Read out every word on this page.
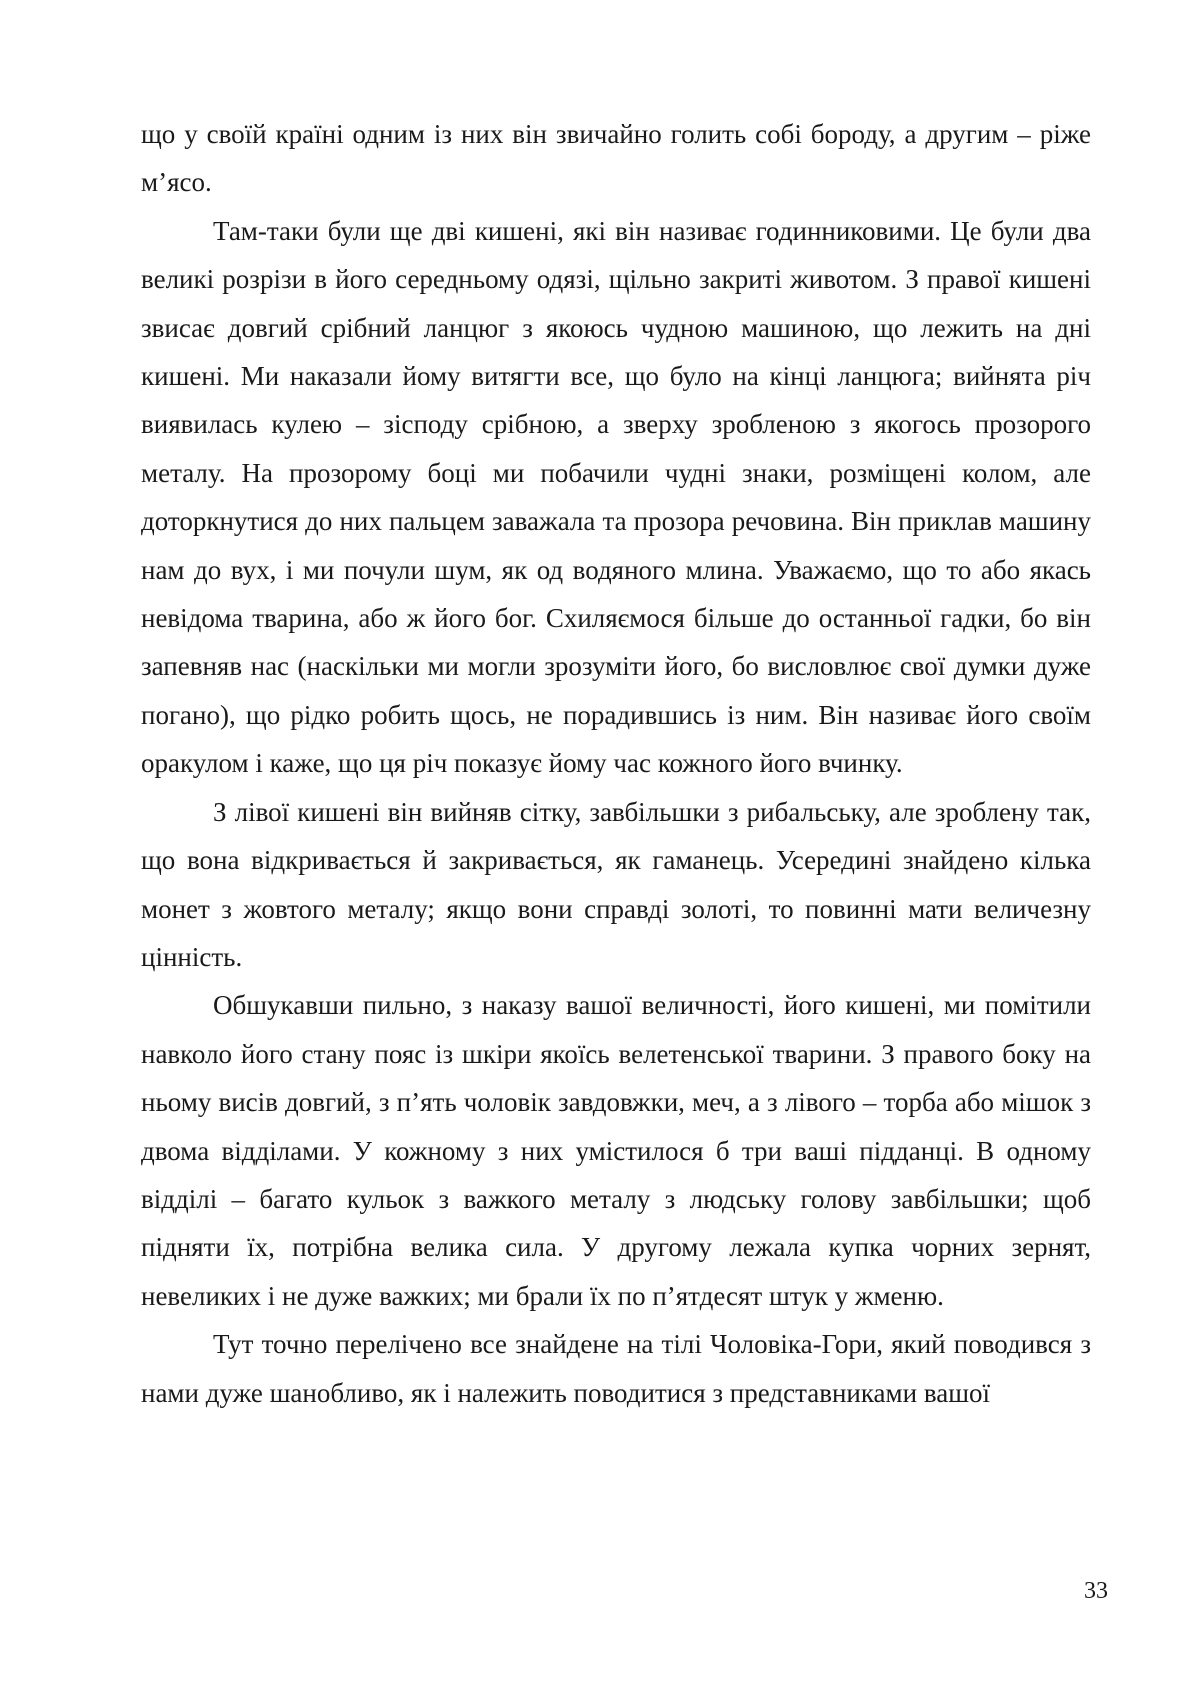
що у своїй країні одним із них він звичайно голить собі бороду, а другим – ріже м’ясо.

Там-таки були ще дві кишені, які він називає годинниковими. Це були два великі розрізи в його середньому одязі, щільно закриті животом. З правої кишені звисає довгий срібний ланцюг з якоюсь чудною машиною, що лежить на дні кишені. Ми наказали йому витягти все, що було на кінці ланцюга; вийнята річ виявилась кулею – зісподу срібною, а зверху зробленою з якогось прозорого металу. На прозорому боці ми побачили чудні знаки, розміщені колом, але доторкнутися до них пальцем заважала та прозора речовина. Він приклав машину нам до вух, і ми почули шум, як од водяного млина. Уважаємо, що то або якась невідома тварина, або ж його бог. Схиляємося більше до останньої гадки, бо він запевняв нас (наскільки ми могли зрозуміти його, бо висловлює свої думки дуже погано), що рідко робить щось, не порадившись із ним. Він називає його своїм оракулом і каже, що ця річ показує йому час кожного його вчинку.

З лівої кишені він вийняв сітку, завбільшки з рибальську, але зроблену так, що вона відкривається й закривається, як гаманець. Усередині знайдено кілька монет з жовтого металу; якщо вони справді золоті, то повинні мати величезну цінність.

Обшукавши пильно, з наказу вашої величності, його кишені, ми помітили навколо його стану пояс із шкіри якоїсь велетенської тварини. З правого боку на ньому висів довгий, з п’ять чоловік завдовжки, меч, а з лівого – торба або мішок з двома відділами. У кожному з них умістилося б три ваші підданці. В одному відділі – багато кульок з важкого металу з людську голову завбільшки; щоб підняти їх, потрібна велика сила. У другому лежала купка чорних зернят, невеликих і не дуже важких; ми брали їх по п’ятдесят штук у жменю.

Тут точно перелічено все знайдене на тілі Чоловіка-Гори, який поводився з нами дуже шанобливо, як і належить поводитися з представниками вашої

33
